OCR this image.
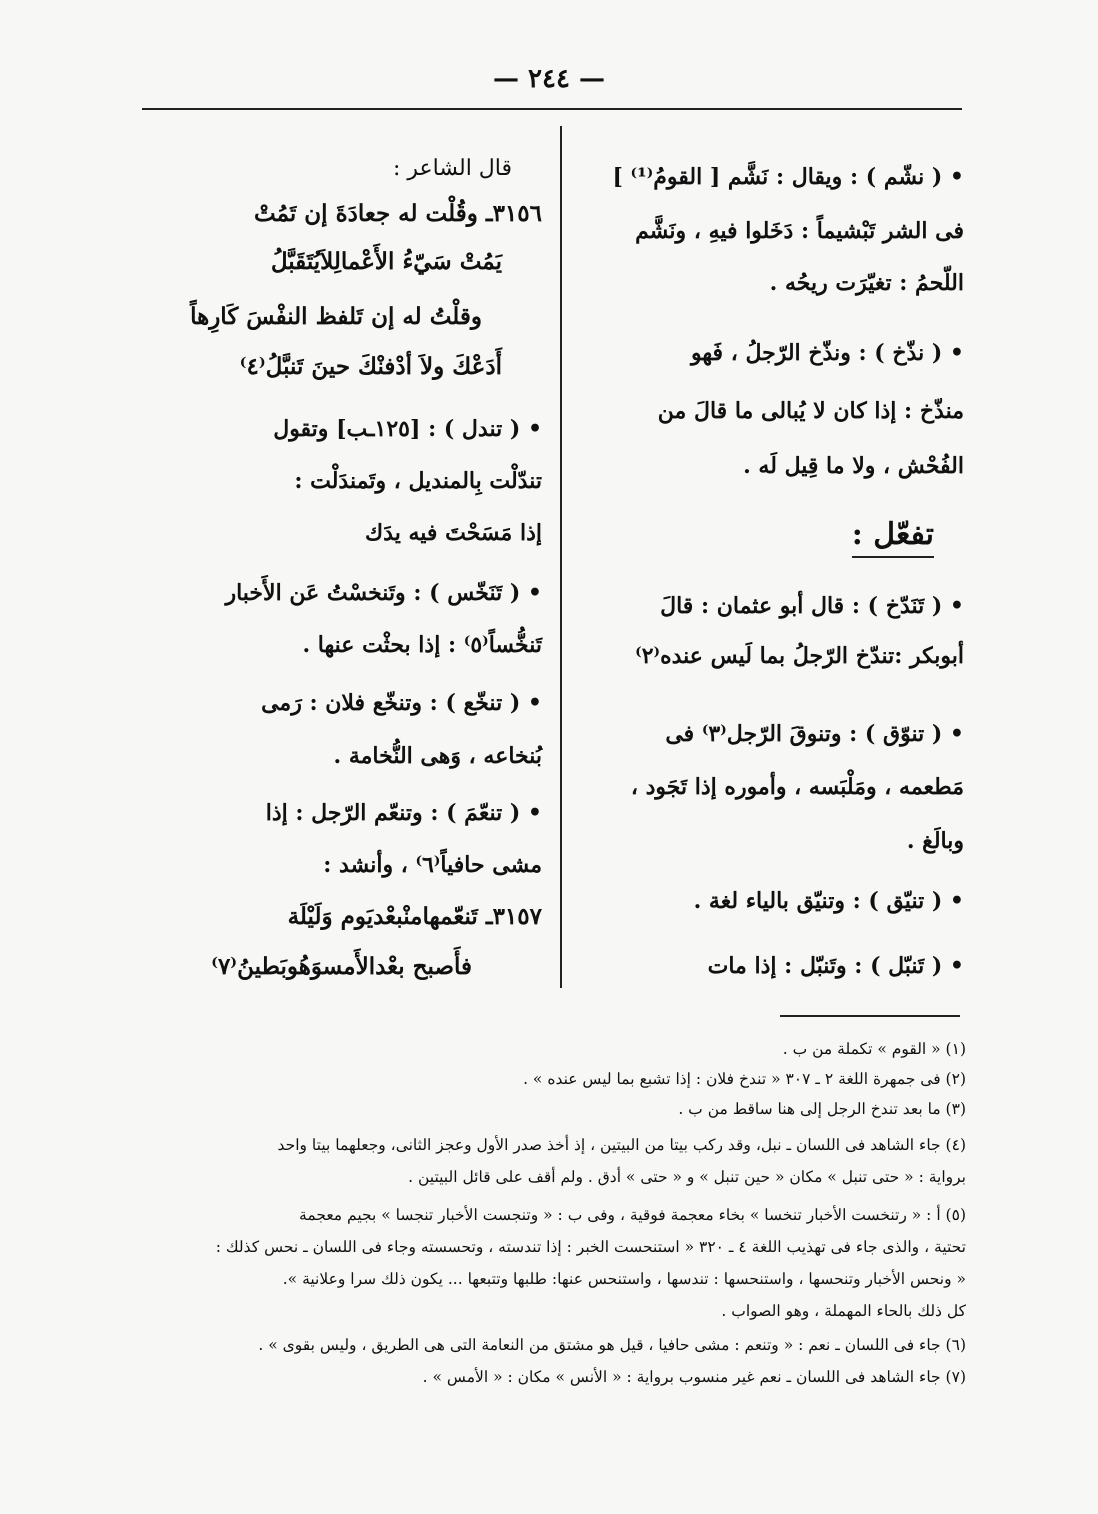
— ٢٤٤ —
• ( نشّم ) : ويقال : نَشَّم [ القومُ⁽¹⁾ ]
فى الشر تَبْشيماً : دَخَلوا فيهِ ، ونَشَّم
اللّحمُ : تغيّرَت ريحُه .
• ( نذّخ ) : ونذّخ الرّجلُ ، فَهو
منذّخ : إذا كان لا يُبالى ما قالَ من
الفُحْش ، ولا ما قِيل لَه .
تفعّل :
• ( تَنَدّخ ) : قال أبو عثمان : قالَ
أبوبكر :تندّخ الرّجلُ بما لَيس عنده⁽٢⁾
• ( تنوّق ) : وتنوقَ الرّجل⁽٣⁾ فى
مَطعمه ، ومَلْبَسه ، وأموره إذا تَجَود ،
وبالَغ .
• ( تنيّق ) : وتنيّق بالياء لغة .
• ( تَنبّل ) : وتَنبّل : إذا مات
قال الشاعر :
٣١٥٦ـ وقُلْت له جعادَةَ إن تَمُتْ
يَمُتْ سَيّءُ الأَعْمالِلاَيُتَقَبَّلُ
وقلْتُ له إن تَلفظ النفْسَ كَارِهاً
أَدَعْكَ ولاَ أدْفنْكَ حينَ تَنبَّلُ⁽٤⁾
• ( تندل ) : [١٢٥ـب] وتقول
تندّلْت بِالمنديل ، وتَمندَلْت :
إذا مَسَحْتَ فيه يدَك
• ( تَنَخّس ) : وتَنخسْتُ عَن الأَخبار
تَنخُّساً⁽٥⁾ : إذا بحثْت عنها .
• ( تنخّع ) : وتنخّع فلان : رَمى
بُنخاعه ، وَهى النُّخامة .
• ( تنعّمَ ) : وتنعّم الرّجل : إذا
مشى حافياً⁽٦⁾ ، وأنشد :
٣١٥٧ـ تَنعّمهامنْبعْديَوم وَلَيْلَة
فأَصبح بعْدالأَمسوَهُوبَطينُ⁽٧⁾
(١) « القوم » تكملة من ب .
(٢) فى جمهرة اللغة ٢ ـ ٣٠٧ « تندخ فلان : إذا تشبع بما ليس عنده » .
(٣) ما بعد تندخ الرجل إلى هنا ساقط من ب .
(٤) جاء الشاهد فى اللسان ـ نبل، وقد ركب بيتا من البيتين ، إذ أخذ صدر الأول وعجز الثانى، وجعلهما بيتا واحد
برواية : « حتى تنبل » مكان « حين تنبل » و « حتى » أدق . ولم أقف على قائل البيتين .
(٥) أ : « رتنخست الأخبار تنخسا » بخاء معجمة فوقية ، وفى ب : « وتنجست الأخبار تنجسا » بجيم معجمة
تحتية ، والذى جاء فى تهذيب اللغة ٤ ـ ٣٢٠ « استنحست الخبر : إذا تندسته ، وتحسسته وجاء فى اللسان ـ نحس كذلك :
« ونحس الأخبار وتنحسها ، واستنحسها : تندسها ، واستنحس عنها: طلبها وتتبعها ... يكون ذلك سرا وعلانية ».
كل ذلك بالحاء المهملة ، وهو الصواب .
(٦) جاء فى اللسان ـ نعم : « وتنعم : مشى حافيا ، قيل هو مشتق من النعامة التى هى الطريق ، وليس بقوى » .
(٧) جاء الشاهد فى اللسان ـ نعم غير منسوب برواية : « الأنس » مكان : « الأمس » .
